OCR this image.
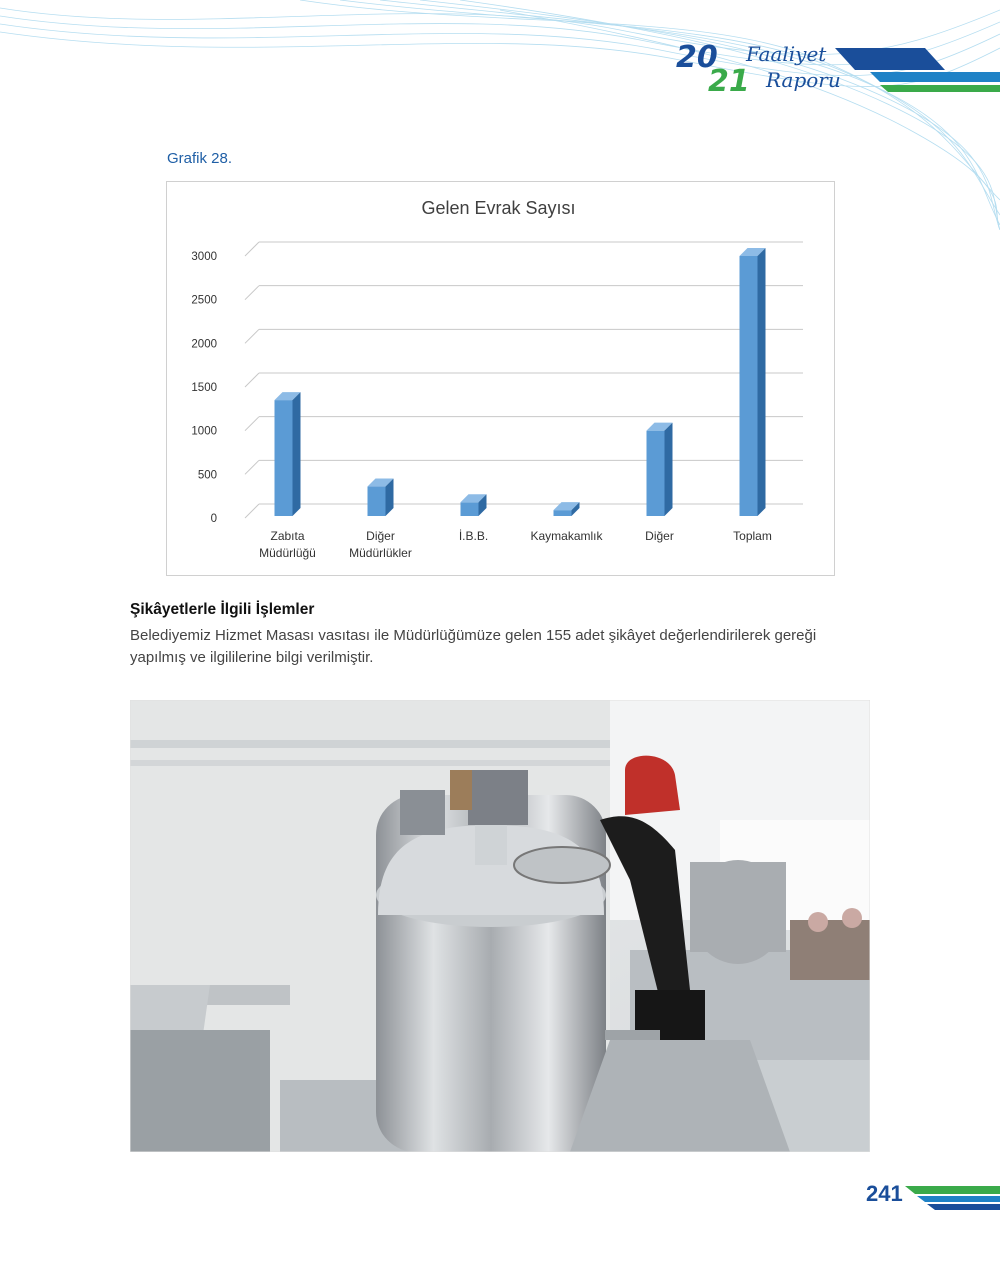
20
21
Faaliyet
Raporu
Grafik 28.
Gelen Evrak Sayısı
0
500
1000
1500
2000
2500
3000
Zabıta
Müdürlüğü
Diğer
Müdürlükler
İ.B.B.	Kaymakamlık	Diğer	Toplam
Şikâyetlerle İlgili İşlemler
Belediyemiz Hizmet Masası vasıtası ile Müdürlüğümüze gelen 155 adet şikâyet değerlendirilerek gereği yapılmış ve ilgililerine bilgi verilmiştir.
241
